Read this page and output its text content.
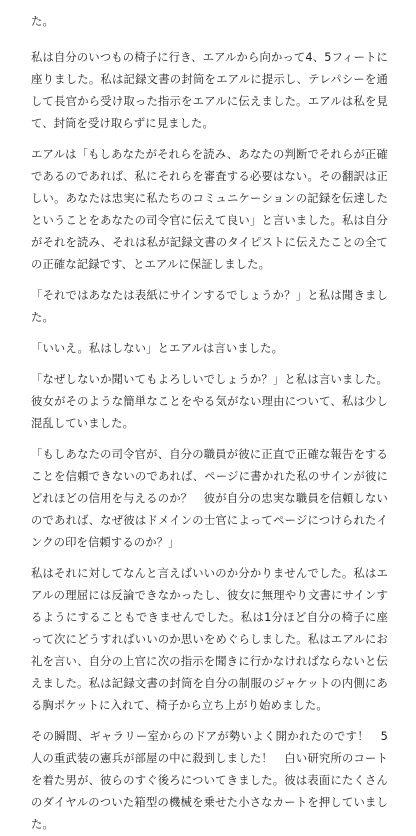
た。

私は自分のいつもの椅子に行き、エアルから向かって4、5フィートに座りました。私は記録文書の封筒をエアルに提示し、テレパシーを通して長官から受け取った指示をエアルに伝えました。エアルは私を見て、封筒を受け取らずに見ました。

エアルは「もしあなたがそれらを読み、あなたの判断でそれらが正確であるのであれば、私にそれらを審査する必要はない。その翻訳は正しい。あなたは忠実に私たちのコミュニケーションの記録を伝達したということをあなたの司令官に伝えて良い」と言いました。私は自分がそれを読み、それは私が記録文書のタイピストに伝えたことの全ての正確な記録です、とエアルに保証しました。

「それではあなたは表紙にサインするでしょうか？」と私は聞きました。

「いいえ。私はしない」とエアルは言いました。

「なぜしないか聞いてもよろしいでしょうか？」と私は言いました。彼女がそのような簡単なことをやる気がない理由について、私は少し混乱していました。

「もしあなたの司令官が、自分の職員が彼に正直で正確な報告をすることを信頼できないのであれば、ページに書かれた私のサインが彼にどれほどの信用を与えるのか？　彼が自分の忠実な職員を信頼しないのであれば、なぜ彼はドメインの士官によってページにつけられたインクの印を信頼するのか？」

私はそれに対してなんと言えばいいのか分かりませんでした。私はエアルの理屈には反論できなかったし、彼女に無理やり文書にサインするようにすることもできませんでした。私は1分ほど自分の椅子に座って次にどうすればいいのか思いをめぐらしました。私はエアルにお礼を言い、自分の上官に次の指示を聞きに行かなければならないと伝えました。私は記録文書の封筒を自分の制服のジャケットの内側にある胸ポケットに入れて、椅子から立ち上がり始めました。

その瞬間、ギャラリー室からのドアが勢いよく開かれたのです！　5人の重武装の憲兵が部屋の中に殺到しました！　白い研究所のコートを着た男が、彼らのすぐ後ろについてきました。彼は表面にたくさんのダイヤルのついた箱型の機械を乗せた小さなカートを押していました。
